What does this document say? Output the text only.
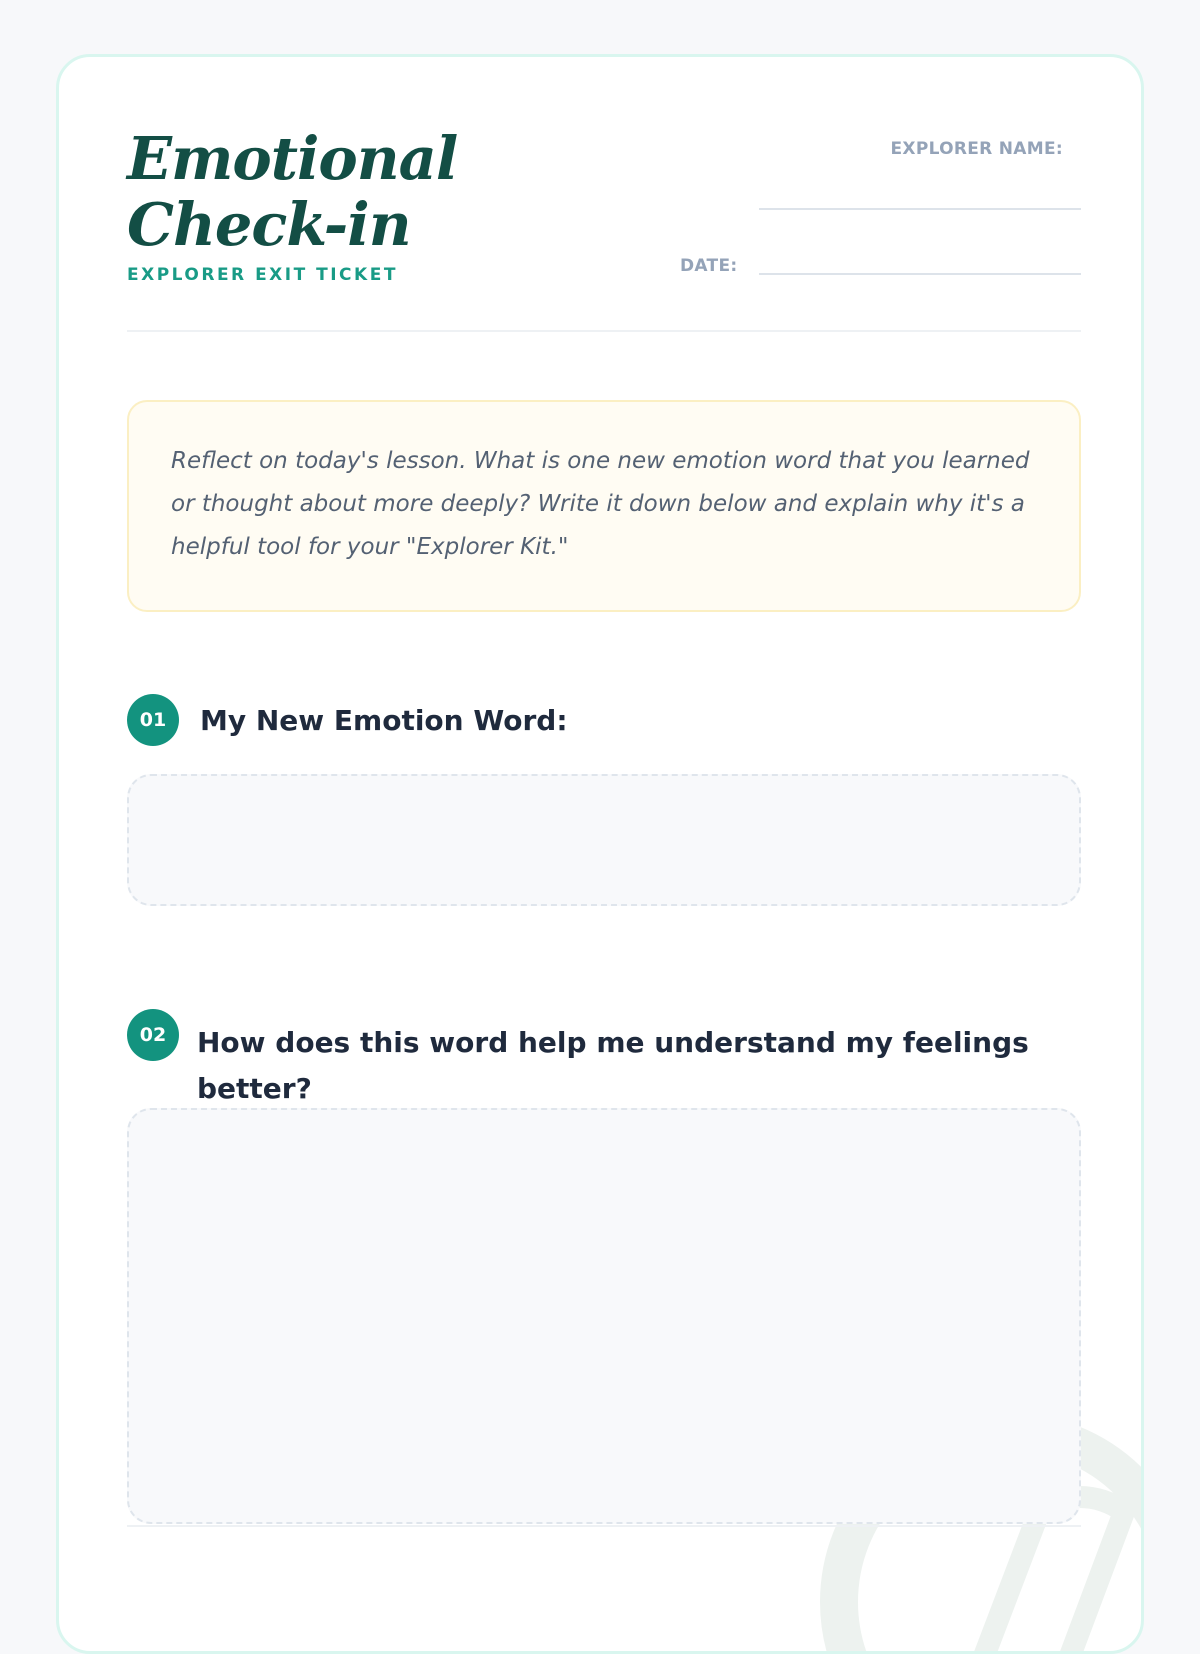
Emotional
Check-in
EXPLORER EXIT TICKET
EXPLORER NAME:
DATE:

Reflect on today's lesson. What is one new emotion word that you learned or thought about more deeply? Write it down below and explain why it's a helpful tool for your "Explorer Kit."

01	My New Emotion Word:
02	How does this word help me understand my feelings better?
